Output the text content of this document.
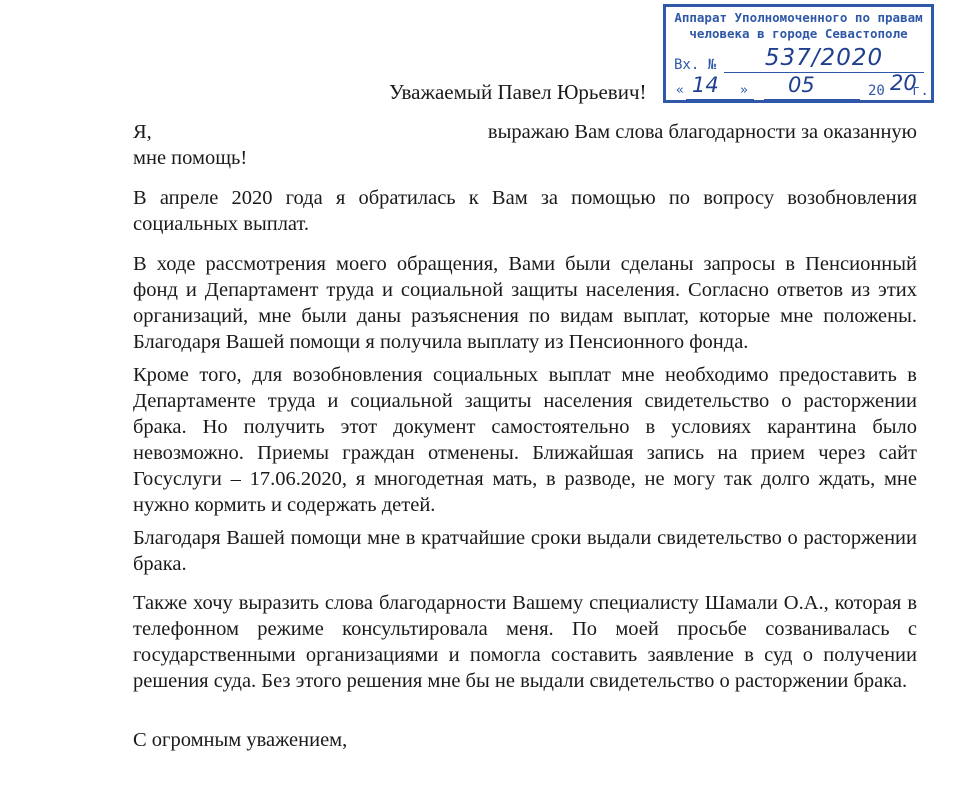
Аппарат Уполномоченного по правам
человека в городе Севастополе
Вх. №	537/2020
« 14 » 05	20 20
г.
Уважаемый Павел Юрьевич!
Я,	выражаю Вам слова благодарности за оказанную
мне помощь!

В апреле 2020 года я обратилась к Вам за помощью по вопросу возобновления социальных выплат.

В ходе рассмотрения моего обращения, Вами были сделаны запросы в Пенсионный фонд и Департамент труда и социальной защиты населения. Согласно ответов из этих организаций, мне были даны разъяснения по видам выплат, которые мне положены. Благодаря Вашей помощи я получила выплату из Пенсионного фонда.

Кроме того, для возобновления социальных выплат мне необходимо предоставить в Департаменте труда и социальной защиты населения свидетельство о расторжении брака. Но получить этот документ самостоятельно в условиях карантина было невозможно. Приемы граждан отменены. Ближайшая запись на прием через сайт Госуслуги – 17.06.2020, я многодетная мать, в разводе, не могу так долго ждать, мне нужно кормить и содержать детей.

Благодаря Вашей помощи мне в кратчайшие сроки выдали свидетельство о расторжении брака.

Также хочу выразить слова благодарности Вашему специалисту Шамали О.А., которая в телефонном режиме консультировала меня. По моей просьбе созванивалась с государственными организациями и помогла составить заявление в суд о получении решения суда. Без этого решения мне бы не выдали свидетельство о расторжении брака.

С огромным уважением,
